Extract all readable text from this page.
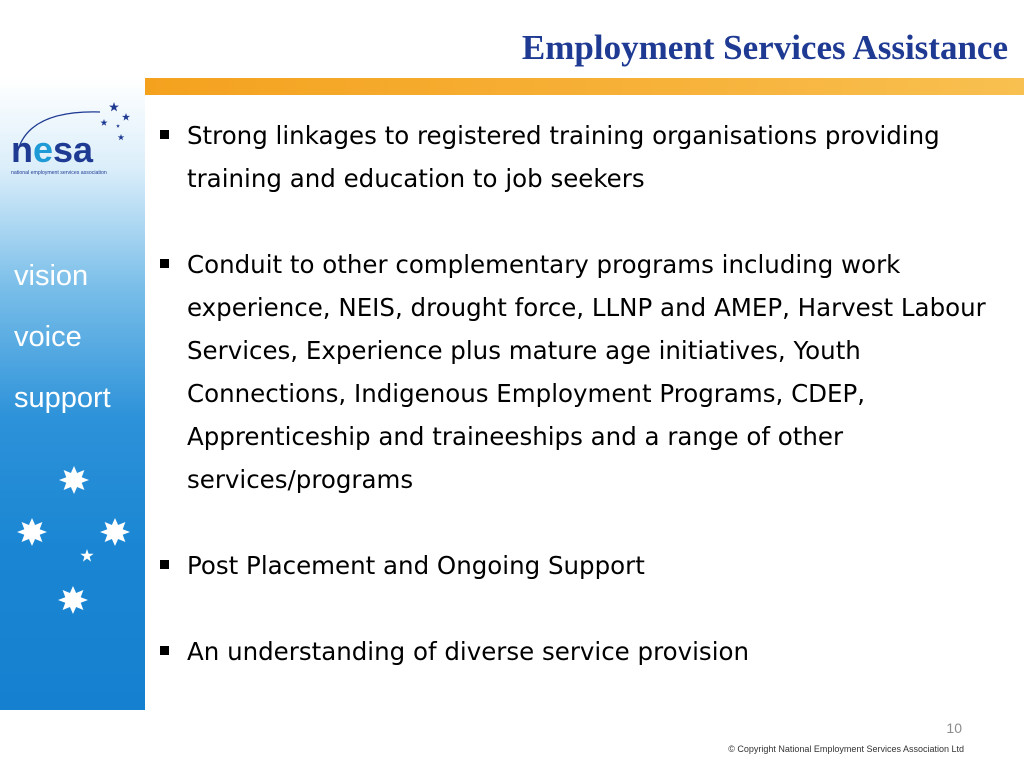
Employment Services Assistance
nesa
national employment services association
vision
voice
support
Strong linkages to registered training organisations providing training and education to job seekers
Conduit to other complementary programs including work experience, NEIS, drought force, LLNP and AMEP, Harvest Labour Services, Experience plus mature age initiatives, Youth Connections, Indigenous Employment Programs, CDEP, Apprenticeship and traineeships and a range of other services/programs
Post Placement and Ongoing Support
An understanding of diverse service provision
10
© Copyright National Employment Services Association Ltd
